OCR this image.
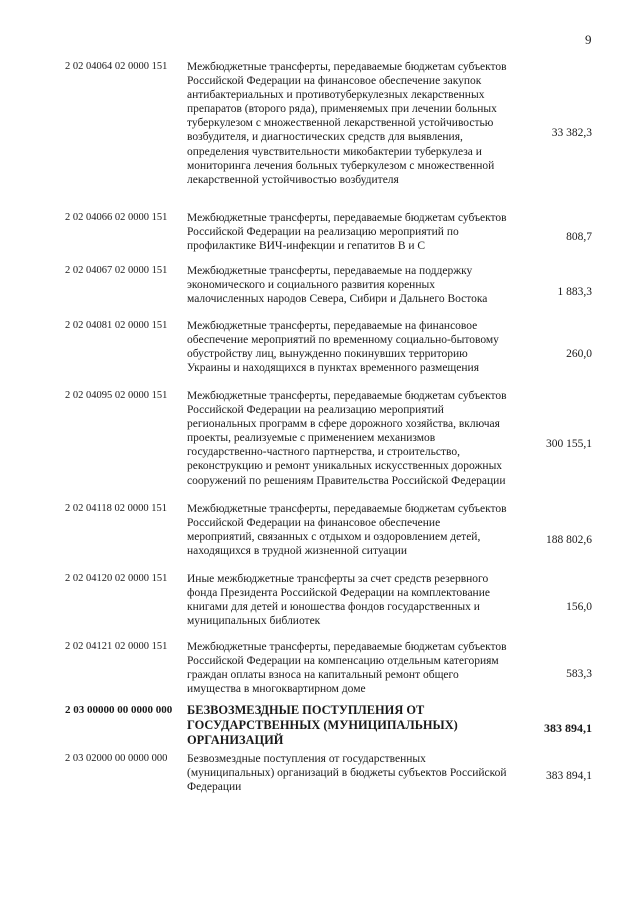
9
2 02 04064 02 0000 151 Межбюджетные трансферты, передаваемые бюджетам субъектов Российской Федерации на финансовое обеспечение закупок антибактериальных и противотуберкулезных лекарственных препаратов (второго ряда), применяемых при лечении больных туберкулезом с множественной лекарственной устойчивостью возбудителя, и диагностических средств для выявления, определения чувствительности микобактерии туберкулеза и мониторинга лечения больных туберкулезом с множественной лекарственной устойчивостью возбудителя
33 382,3
2 02 04066 02 0000 151 Межбюджетные трансферты, передаваемые бюджетам субъектов Российской Федерации на реализацию мероприятий по профилактике ВИЧ-инфекции и гепатитов В и С
808,7
2 02 04067 02 0000 151 Межбюджетные трансферты, передаваемые на поддержку экономического и социального развития коренных малочисленных народов Севера, Сибири и Дальнего Востока
1 883,3
2 02 04081 02 0000 151 Межбюджетные трансферты, передаваемые на финансовое обеспечение мероприятий по временному социально-бытовому обустройству лиц, вынужденно покинувших территорию Украины и находящихся в пунктах временного размещения
260,0
2 02 04095 02 0000 151 Межбюджетные трансферты, передаваемые бюджетам субъектов Российской Федерации на реализацию мероприятий региональных программ в сфере дорожного хозяйства, включая проекты, реализуемые с применением механизмов государственно-частного партнерства, и строительство, реконструкцию и ремонт уникальных искусственных дорожных сооружений по решениям Правительства Российской Федерации
300 155,1
2 02 04118 02 0000 151 Межбюджетные трансферты, передаваемые бюджетам субъектов Российской Федерации на финансовое обеспечение мероприятий, связанных с отдыхом и оздоровлением детей, находящихся в трудной жизненной ситуации
188 802,6
2 02 04120 02 0000 151 Иные межбюджетные трансферты за счет средств резервного фонда Президента Российской Федерации на комплектование книгами для детей и юношества фондов государственных и муниципальных библиотек
156,0
2 02 04121 02 0000 151 Межбюджетные трансферты, передаваемые бюджетам субъектов Российской Федерации на компенсацию отдельным категориям граждан оплаты взноса на капитальный ремонт общего имущества в многоквартирном доме
583,3
2 03 00000 00 0000 000 БЕЗВОЗМЕЗДНЫЕ ПОСТУПЛЕНИЯ ОТ ГОСУДАРСТВЕННЫХ (МУНИЦИПАЛЬНЫХ) ОРГАНИЗАЦИЙ
383 894,1
2 03 02000 00 0000 000 Безвозмездные поступления от государственных (муниципальных) организаций в бюджеты субъектов Российской Федерации
383 894,1
